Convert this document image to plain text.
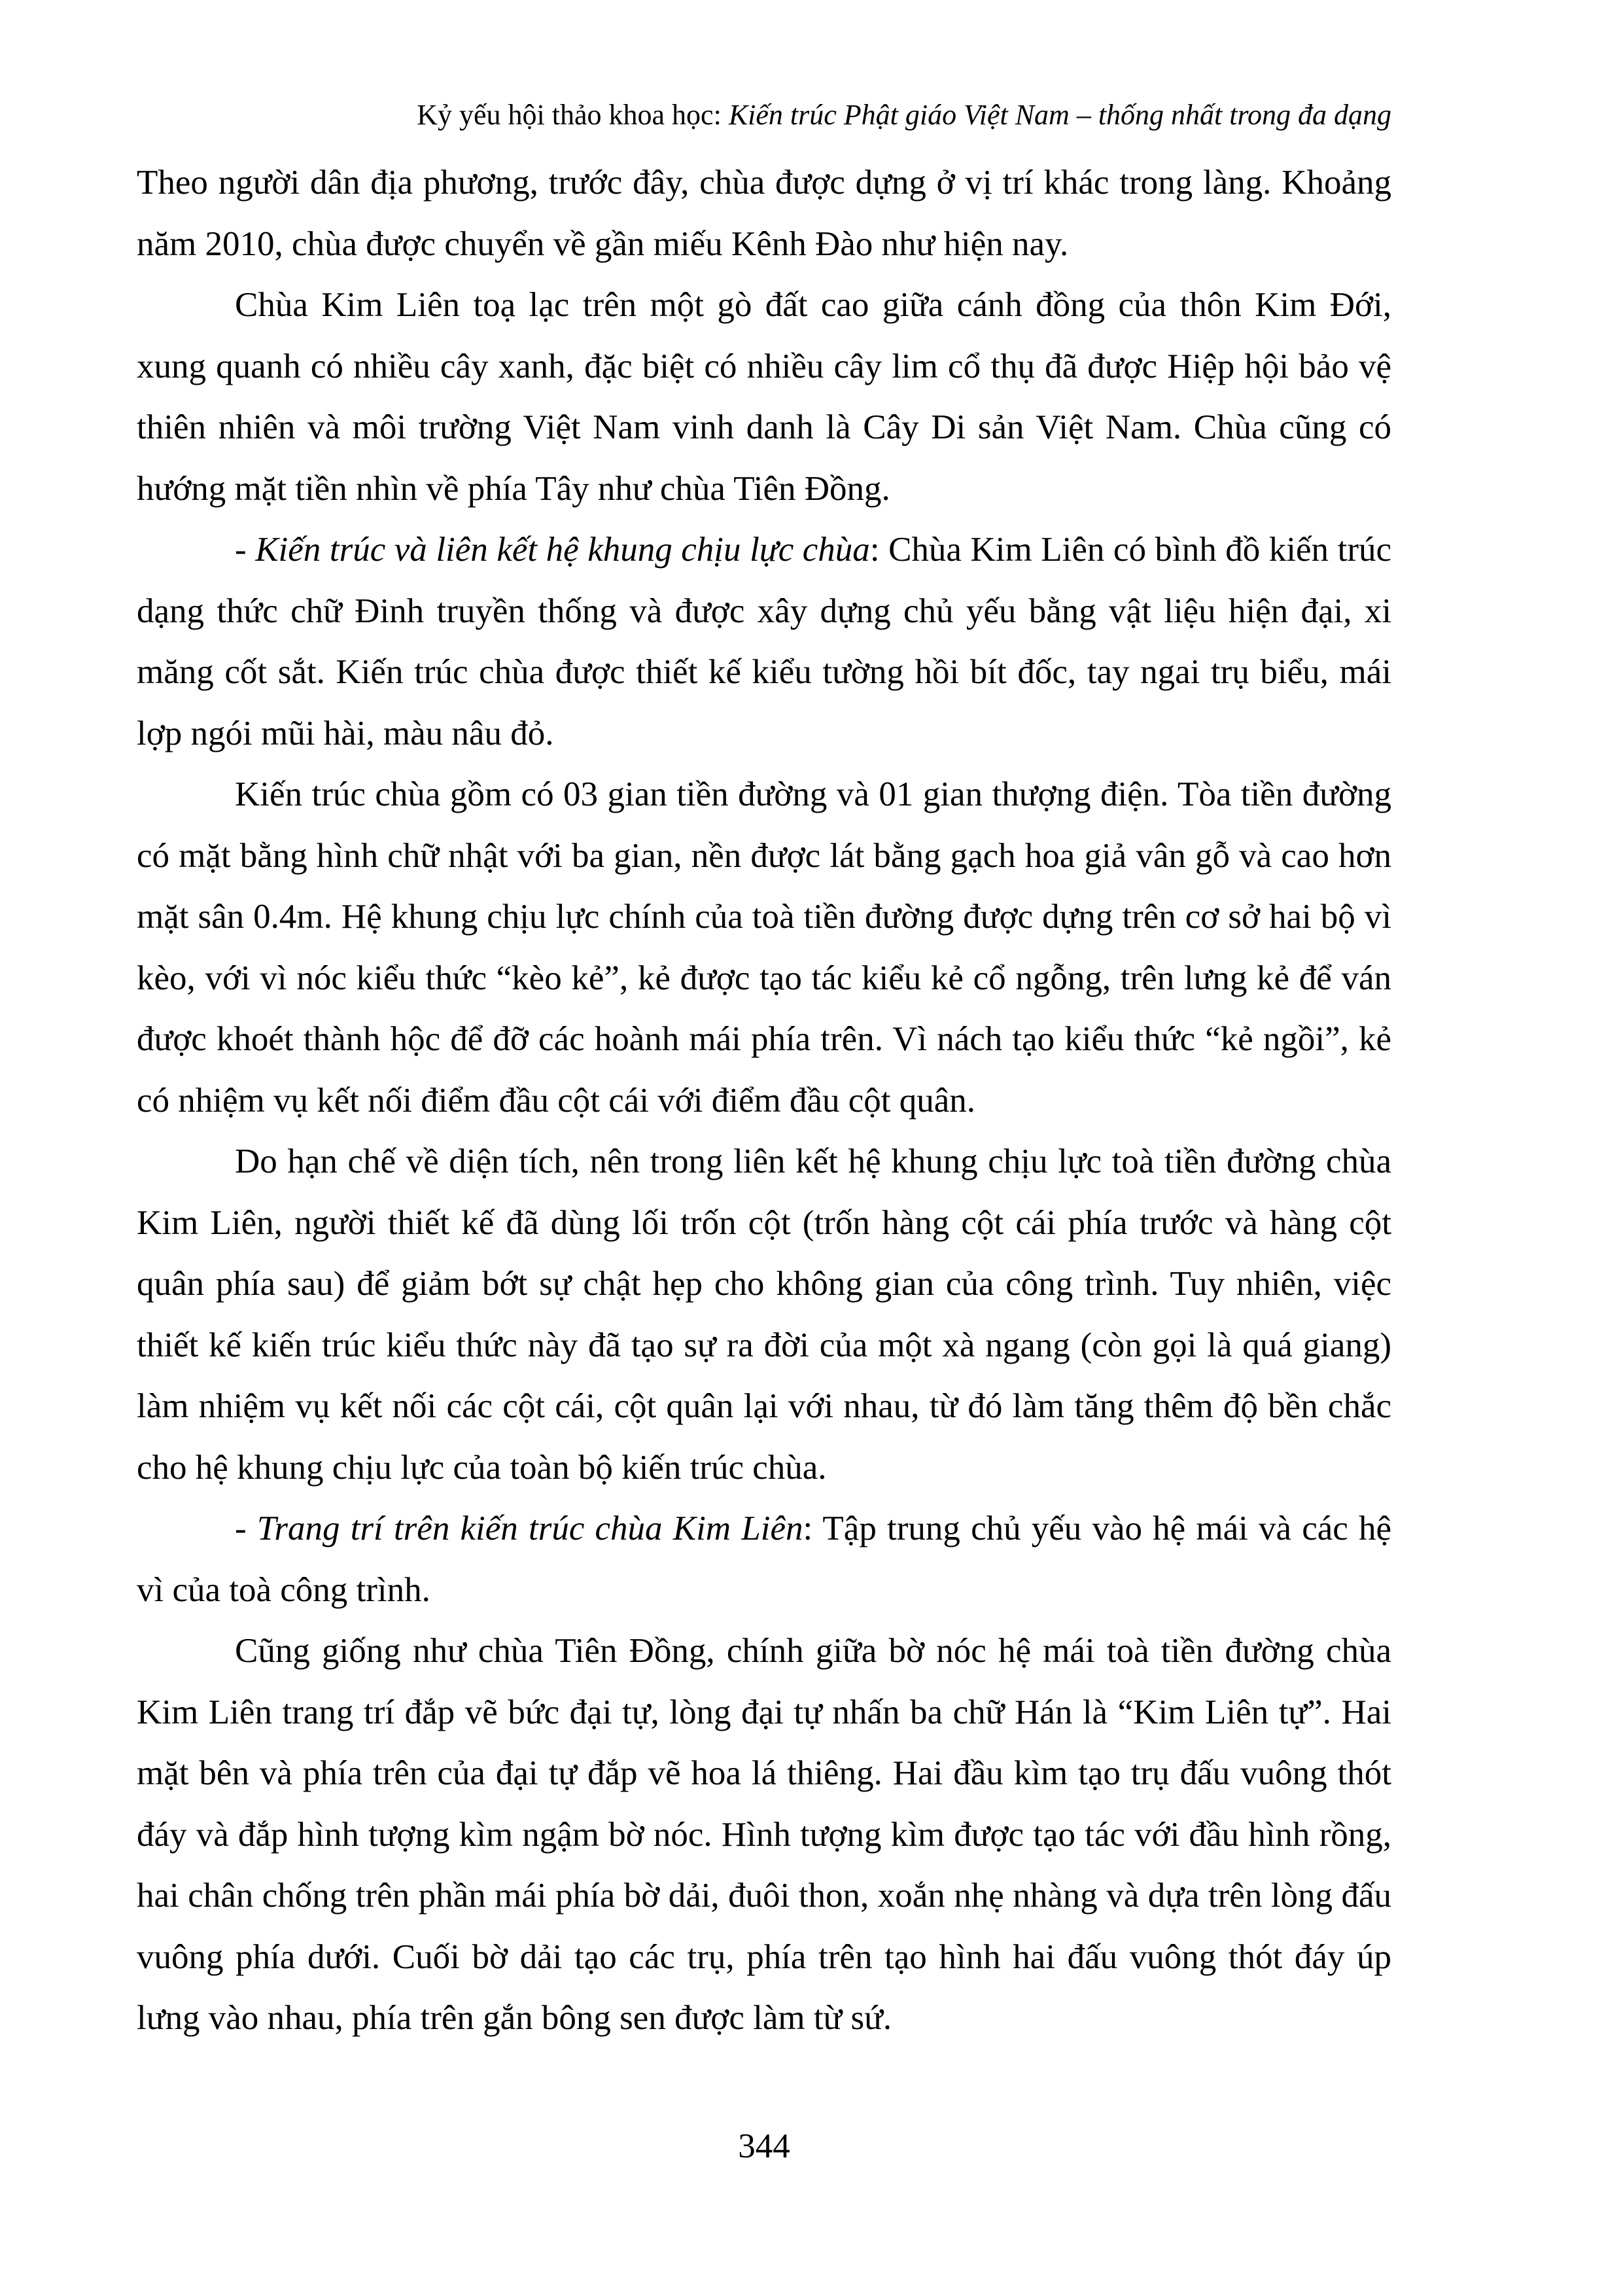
Kỷ yếu hội thảo khoa học: Kiến trúc Phật giáo Việt Nam – thống nhất trong đa dạng

Theo người dân địa phương, trước đây, chùa được dựng ở vị trí khác trong làng. Khoảng năm 2010, chùa được chuyển về gần miếu Kênh Đào như hiện nay.

Chùa Kim Liên toạ lạc trên một gò đất cao giữa cánh đồng của thôn Kim Đới, xung quanh có nhiều cây xanh, đặc biệt có nhiều cây lim cổ thụ đã được Hiệp hội bảo vệ thiên nhiên và môi trường Việt Nam vinh danh là Cây Di sản Việt Nam. Chùa cũng có hướng mặt tiền nhìn về phía Tây như chùa Tiên Đồng.

- Kiến trúc và liên kết hệ khung chịu lực chùa: Chùa Kim Liên có bình đồ kiến trúc dạng thức chữ Đinh truyền thống và được xây dựng chủ yếu bằng vật liệu hiện đại, xi măng cốt sắt. Kiến trúc chùa được thiết kế kiểu tường hồi bít đốc, tay ngai trụ biểu, mái lợp ngói mũi hài, màu nâu đỏ.

Kiến trúc chùa gồm có 03 gian tiền đường và 01 gian thượng điện. Tòa tiền đường có mặt bằng hình chữ nhật với ba gian, nền được lát bằng gạch hoa giả vân gỗ và cao hơn mặt sân 0.4m. Hệ khung chịu lực chính của toà tiền đường được dựng trên cơ sở hai bộ vì kèo, với vì nóc kiểu thức “kèo kẻ”, kẻ được tạo tác kiểu kẻ cổ ngỗng, trên lưng kẻ để ván được khoét thành hộc để đỡ các hoành mái phía trên. Vì nách tạo kiểu thức “kẻ ngồi”, kẻ có nhiệm vụ kết nối điểm đầu cột cái với điểm đầu cột quân.

Do hạn chế về diện tích, nên trong liên kết hệ khung chịu lực toà tiền đường chùa Kim Liên, người thiết kế đã dùng lối trốn cột (trốn hàng cột cái phía trước và hàng cột quân phía sau) để giảm bớt sự chật hẹp cho không gian của công trình. Tuy nhiên, việc thiết kế kiến trúc kiểu thức này đã tạo sự ra đời của một xà ngang (còn gọi là quá giang) làm nhiệm vụ kết nối các cột cái, cột quân lại với nhau, từ đó làm tăng thêm độ bền chắc cho hệ khung chịu lực của toàn bộ kiến trúc chùa.

- Trang trí trên kiến trúc chùa Kim Liên: Tập trung chủ yếu vào hệ mái và các hệ vì của toà công trình.

Cũng giống như chùa Tiên Đồng, chính giữa bờ nóc hệ mái toà tiền đường chùa Kim Liên trang trí đắp vẽ bức đại tự, lòng đại tự nhấn ba chữ Hán là “Kim Liên tự”. Hai mặt bên và phía trên của đại tự đắp vẽ hoa lá thiêng. Hai đầu kìm tạo trụ đấu vuông thót đáy và đắp hình tượng kìm ngậm bờ nóc. Hình tượng kìm được tạo tác với đầu hình rồng, hai chân chống trên phần mái phía bờ dải, đuôi thon, xoắn nhẹ nhàng và dựa trên lòng đấu vuông phía dưới. Cuối bờ dải tạo các trụ, phía trên tạo hình hai đấu vuông thót đáy úp lưng vào nhau, phía trên gắn bông sen được làm từ sứ.

344
